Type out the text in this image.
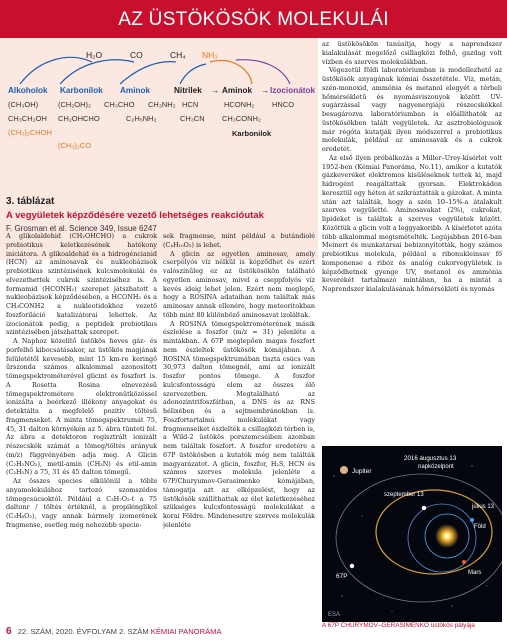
AZ ÜSTÖKÖSÖK MOLEKULÁI
H₂O	CO	CH₄ NH₃
Alkoholok Karbonilok Aminok	Nitrilek → Aminok → Izocionátok
(CH₃OH)	(CH₂OH)₂ CH₃CHO CH₃NH₂ HCN	HCONH₂ HNCO
CH₃CH₂OH CH₂OHCHO	C₂H₅NH₂	CH₃CN CH₃CONH₂
(CH₃)₂CHOH
(CH₃)₂CO
Karbonilok
3. táblázat
A vegyületek képződésére vezető lehetséges reakcióutak
F. Grosman et al. Science 349, Issue 6247

A glikolaldehid (CH₂OHCHO) a cukrok prebiotikus keletkezésének hatékony iniciátora. A glikoaldehid és a hidrogéncianid (HCN) az aminosavak és nukleobázisok prebiotikus szintézisének kulcsmolekulái és elvezethettek cukrok szintéziséhez is. A formamid (HCONH₂) szerepet játszhatott a nukleobázisok képződésében, a HCONH₂ és a CH₃CONH2 a nukleotidokhoz vezető foszforiláció katalizátorai lehettek. Az izocionátok pedig, a peptidek prebiotikus szintézisében játszhattak szerepet.

A Naphoz közelítő üstökös heves gáz- és porfelhő kibocsátásakor, az üstökös magjának felületétől kevesebb, mint 15 km-re keringő űrszonda számos alkalommal azonosított tömegspektrométerével glicint és foszfort is. A Rosetta Rosina elnevezésű tömegspektrométere elektronütközéssel ionizálta a beérkező illékony anyagokat és detektálta a megfelelő pozitív töltésű fragmenseket. A minta tömegspektrumát 75, 45, 31 dalton környékén az 5. ábra tünteti fel. Az ábra a detektoron regisztrált ionizált részecskék számát a tömeg/töltés arányuk (m/z) függvényében adja meg. A Glicin (C₂H₅NO₂), metil-amin (CH₃N) és etil-amin (C₂H₅N) a 75, 31 és 45 dalton tömegű.

Az összes species elkülönül a többi anyamolekulához tartozó szomszédos tömegcsúcsoktól. Például a C₃H₇O₂-t a 75 daltonr / töltés értéknél, a propilénglikol (C₃H₈O₂), vagy annak bármely izomerének fragmense, esetleg még nehezebb specie-

sek fragmense, mint például a butándiolé (C₄H₁₀O₂) is lehet.

A glicin az egyetlen aminosav, amely cserpólyós víz nélkül is képződhet és ezért valószínűleg ez az üstökösökön található egyetlen aminosav, mivel a cseppfolyós víz kevés ideig lehet jelen. Ezért nem meglepő, hogy a ROSINA adataiban nem találtak más aminosav annak ellenére, hogy meteoritokban több mint 80 különböző aminosavat izoláltak.

A ROSINA tömegspektrométerének másik észlelése a foszfor (m/z = 31) jelenléte a mintákban. A 67P meglepően magas foszfort nem észleltek üstökösök kómájában. A ROSINA tömegspektrumában tiszta csúcs van 30,973 dalton tömegnél, ami az ionizált foszfor pontos tömege. A foszfor kulcsfontosságú elem az összes élő szervezetben. Megtalálható az adenozintrifoszfátban, a DNS és az RNS hélixében és a sejtmembránokban is. Foszfortartalmú molekulákat vagy fragmenseiket észlelték a csillagközi térben is, a Wild-2 üstökös porszemcséiben azonban nem találtak foszfort. A foszfor eredetére a 67P üstökösben a kutatók még nem találták magyarázatot. A glicin, foszfor, H₂S, HCN és számos szerves molekula jelenléte a 67P/Churyumov-Gerasimenko kómájában, támogatja azt az elképzelést, hogy az üstökösök szállíthattak az élet keletkezéséhez szükséges kulcsfontosságú molekulákat a korai Földre. Mindenesetre szerves molekulák jelenléte

az üstökösökön tanúsítja, hogy a naprendszer kialakulását megelőző csillagközi felhő, gazdag volt vízben és szerves molekulákban.

Végezetül földi laboratóriumban is modellezhető az üstökösök anyagának kémiai összetétele. Víz, metán, szén-monoxid, ammónia és metanol elegyét a térbeli hőmérsékletű és nyomásviszonyok között UV-sugárzással vagy nagyenergiájú részecskékkel besugározva laboratóriumban is előállíthatók az üstökösökben talált vegyületek. Az asztrobiológusok már régóta kutatják ilyen módszerrel a prebiotikus molekulák, például az aminosavak és a cukrok eredetét.

Az első ilyen próbálkozás a Miller–Urey-kísérlet volt 1952-ben (Kémiai Panoráma, No.11), amikor a kutatók gázkeveréket elektromos kisüléseknek tettek ki, majd hidrogént reagáltattak gyorsan. Elektrokádon keresztül egy héten át szikráztatták a gázokat. A minta után azt találták, hogy a szén 10–15%-a átalakult szerves vegyületté. Aminosavakat (2%), cukrokat, lipideket is találtak a szerves vegyületek között. Közöttük a glicin volt a leggyakoribb. A kísérletet azóta több alkalommal megismételték. Legújabban 2016-ban Meinert és munkatársai bebizonyították, hogy számos prebiotikus molekula, például a ribonukleinsav fő komponense a ribóz és analóg cukorvegyületek is képződhetnek gyenge UV, metanol és ammónia keverékét tartalmazó mintában, ha a mintát a Naprendszer kialakulásának hőmérsékleti és nyomás

Jupiter
2016 augusztus 13
napközelpont
szeptember 13
július 13
Föld
Mars
67P
ESA
A 67P CHURYMOV–GERASIMENKO üstökös pályája
6 22. SZÁM, 2020. ÉVFOLYAM 2. SZÁM KÉMIAI PANORÁMA
